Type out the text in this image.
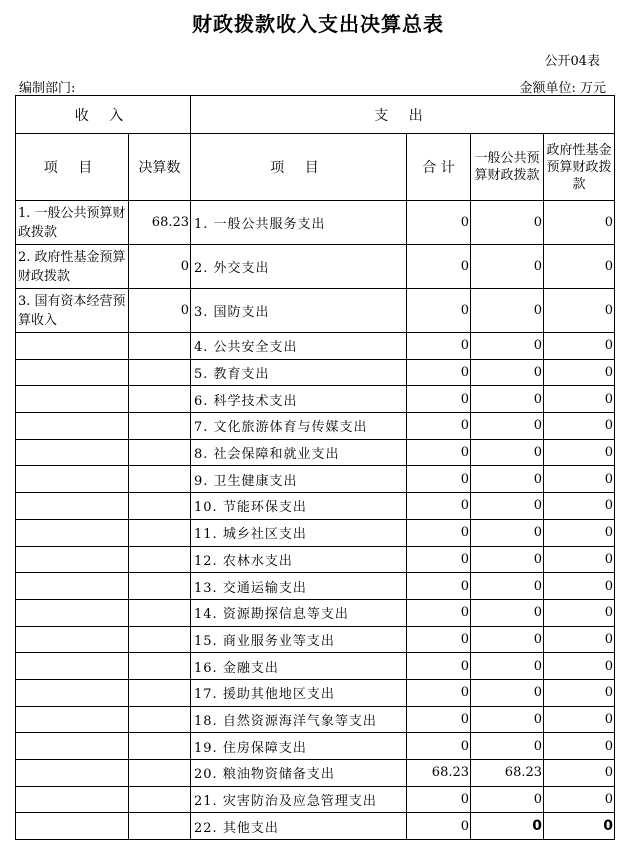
财政拨款收入支出决算总表
公开04表
编制部门:	金额单位: 万元
收 入		支 出			
项 目	决算数	项 目	合 计	一般公共预算财政拨款	政府性基金预算财政拨款
1. 一般公共预算财政拨款	68.23	1. 一般公共服务支出	0	0	0
2. 政府性基金预算财政拨款	0	2. 外交支出	0	0	0
3. 国有资本经营预算收入	0	3. 国防支出	0	0	0
		4. 公共安全支出	0	0	0
		5. 教育支出	0	0	0
		6. 科学技术支出	0	0	0
		7. 文化旅游体育与传媒支出	0	0	0
		8. 社会保障和就业支出	0	0	0
		9. 卫生健康支出	0	0	0
		10. 节能环保支出	0	0	0
		11. 城乡社区支出	0	0	0
		12. 农林水支出	0	0	0
		13. 交通运输支出	0	0	0
		14. 资源勘探信息等支出	0	0	0
		15. 商业服务业等支出	0	0	0
		16. 金融支出	0	0	0
		17. 援助其他地区支出	0	0	0
		18. 自然资源海洋气象等支出	0	0	0
		19. 住房保障支出	0	0	0
		20. 粮油物资储备支出	68.23	68.23	0
		21. 灾害防治及应急管理支出	0	0	0
		22. 其他支出	0	0	0
